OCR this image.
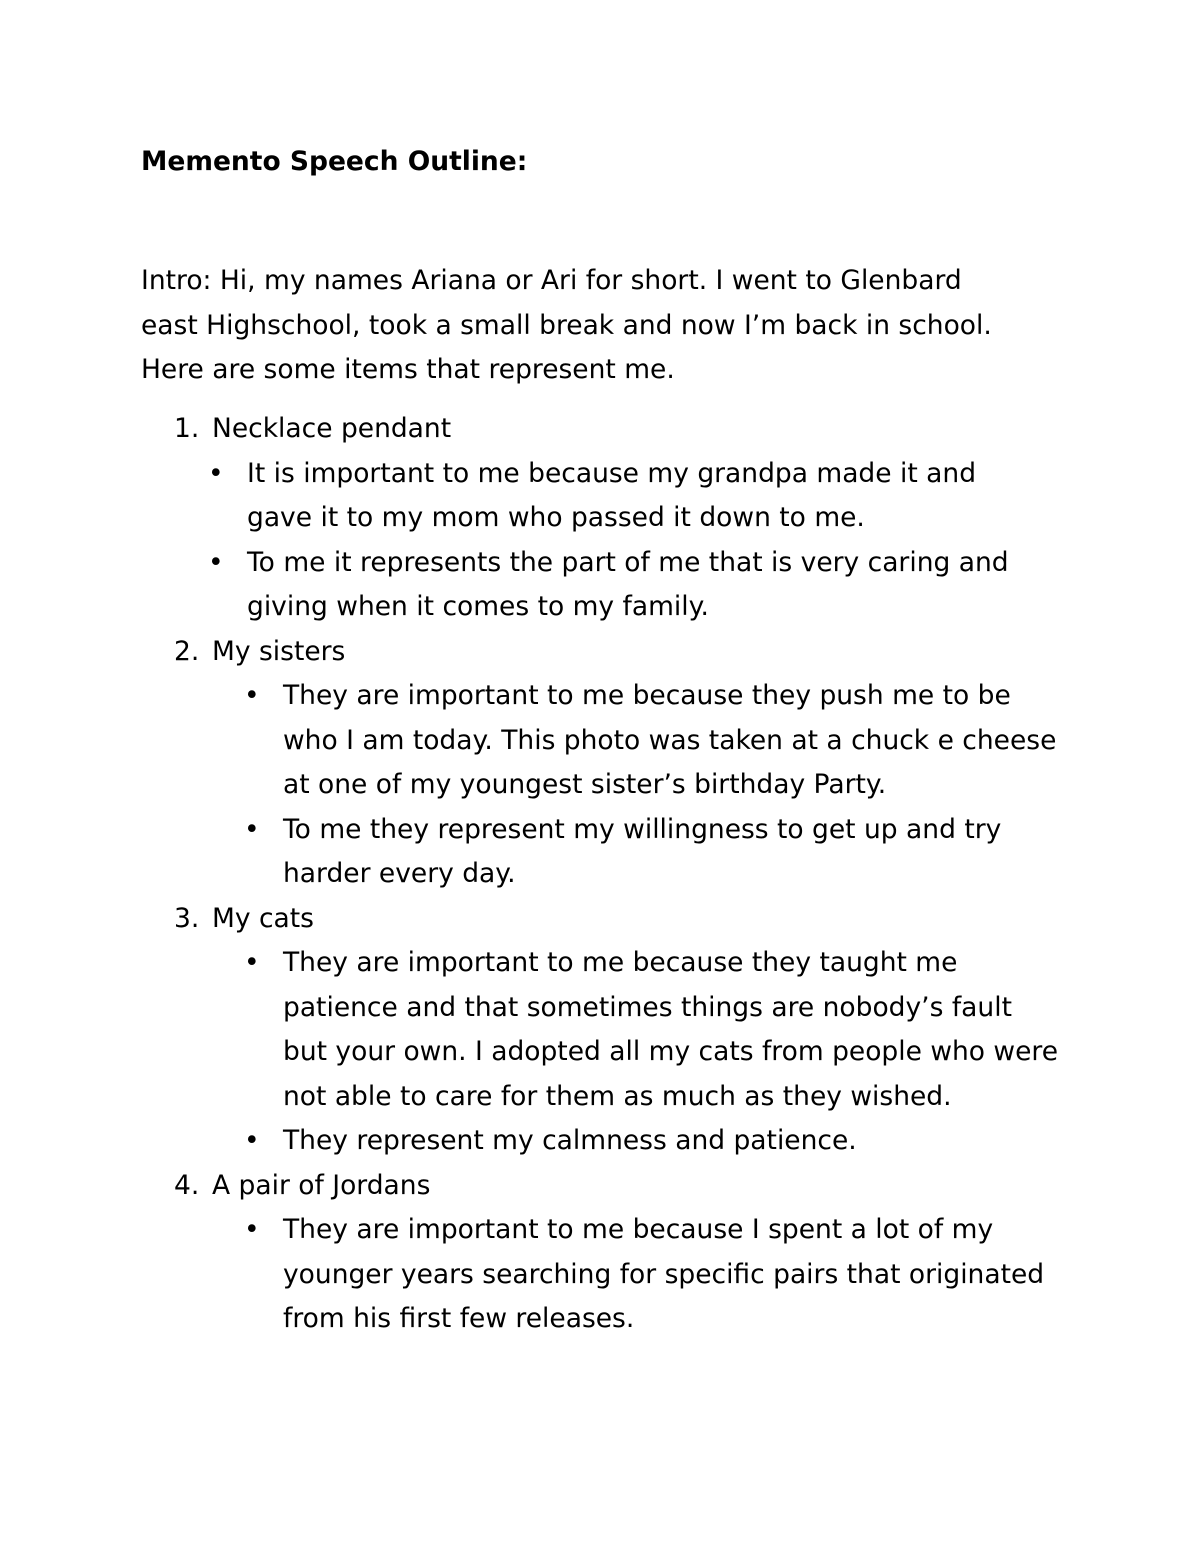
Memento Speech Outline:

Intro: Hi, my names Ariana or Ari for short. I went to Glenbard east Highschool, took a small break and now I’m back in school. Here are some items that represent me.

1. Necklace pendant
• It is important to me because my grandpa made it and gave it to my mom who passed it down to me.
• To me it represents the part of me that is very caring and giving when it comes to my family.
2. My sisters
• They are important to me because they push me to be who I am today. This photo was taken at a chuck e cheese at one of my youngest sister’s birthday Party.
• To me they represent my willingness to get up and try harder every day.
3. My cats
• They are important to me because they taught me patience and that sometimes things are nobody’s fault but your own. I adopted all my cats from people who were not able to care for them as much as they wished.
• They represent my calmness and patience.
4. A pair of Jordans
• They are important to me because I spent a lot of my younger years searching for specific pairs that originated from his first few releases.
